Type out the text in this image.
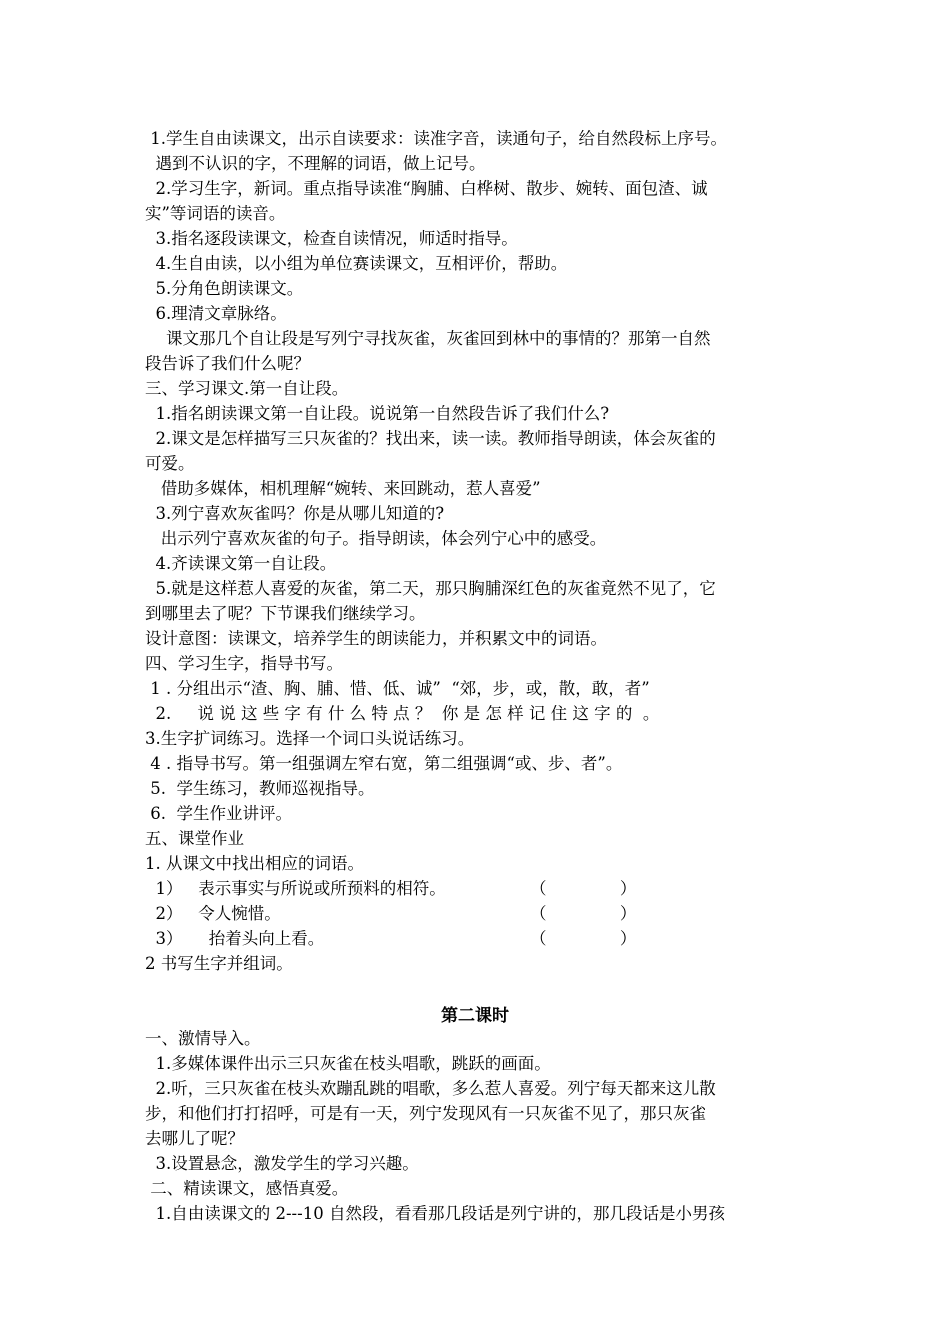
1.学生自由读课文，出示自读要求：读准字音，读通句子，给自然段标上序号。
遇到不认识的字，不理解的词语，做上记号。
2.学习生字，新词。重点指导读准“胸脯、白桦树、散步、婉转、面包渣、诚
实”等词语的读音。
3.指名逐段读课文，检查自读情况，师适时指导。
4.生自由读，以小组为单位赛读课文，互相评价，帮助。
5.分角色朗读课文。
6.理清文章脉络。
课文那几个自让段是写列宁寻找灰雀，灰雀回到林中的事情的？那第一自然
段告诉了我们什么呢？
三、学习课文.第一自让段。
1.指名朗读课文第一自让段。说说第一自然段告诉了我们什么?
2.课文是怎样描写三只灰雀的？找出来，读一读。教师指导朗读，体会灰雀的
可爱。
借助多媒体，相机理解“婉转、来回跳动，惹人喜爱”
3.列宁喜欢灰雀吗？你是从哪儿知道的?
出示列宁喜欢灰雀的句子。指导朗读，体会列宁心中的感受。
4.齐读课文第一自让段。
5.就是这样惹人喜爱的灰雀，第二天，那只胸脯深红色的灰雀竟然不见了，它
到哪里去了呢？下节课我们继续学习。
设计意图：读课文，培养学生的朗读能力，并积累文中的词语。
四、学习生字，指导书写。
1 . 分组出示“渣、胸、脯、惜、低、诚”  “郊，步，或，散，敢，者”
2.     说 说 这 些 字 有 什 么 特 点 ？  你 是 怎 样 记 住 这 字 的  。
3.生字扩词练习。选择一个词口头说话练习。
4 . 指导书写。第一组强调左窄右宽，第二组强调“或、步、者”。
5.  学生练习，教师巡视指导。
6.  学生作业讲评。
五、课堂作业
1. 从课文中找出相应的词语。
1）   表示事实与所说或所预料的相符。	（              ）
2）   令人惋惜。	（              ）
3）     抬着头向上看。	（              ）
2 书写生字并组词。
第二课时
一、激情导入。
1.多媒体课件出示三只灰雀在枝头唱歌，跳跃的画面。
2.听，三只灰雀在枝头欢蹦乱跳的唱歌，多么惹人喜爱。列宁每天都来这儿散
步，和他们打打招呼，可是有一天，列宁发现风有一只灰雀不见了，那只灰雀
去哪儿了呢？
3.设置悬念，激发学生的学习兴趣。
二、精读课文，感悟真爱。
1.自由读课文的 2---10 自然段，看看那几段话是列宁讲的，那几段话是小男孩
